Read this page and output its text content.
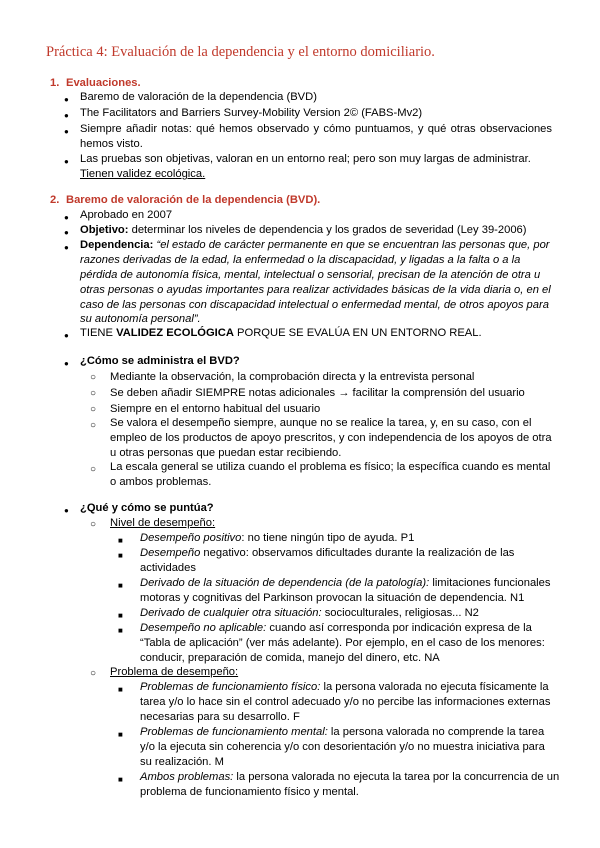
Práctica 4: Evaluación de la dependencia y el entorno domiciliario.
1. Evaluaciones.
● Baremo de valoración de la dependencia (BVD)
● The Facilitators and Barriers Survey-Mobility Version 2© (FABS-Mv2)
● Siempre añadir notas: qué hemos observado y cómo puntuamos, y qué otras observaciones
hemos visto.
● Las pruebas son objetivas, valoran en un entorno real; pero son muy largas de administrar.
Tienen validez ecológica.
2. Baremo de valoración de la dependencia (BVD).
● Aprobado en 2007
● Objetivo: determinar los niveles de dependencia y los grados de severidad (Ley 39-2006)
● Dependencia: “el estado de carácter permanente en que se encuentran las personas que, por
razones derivadas de la edad, la enfermedad o la discapacidad, y ligadas a la falta o a la
pérdida de autonomía física, mental, intelectual o sensorial, precisan de la atención de otra u
otras personas o ayudas importantes para realizar actividades básicas de la vida diaria o, en el
caso de las personas con discapacidad intelectual o enfermedad mental, de otros apoyos para
su autonomía personal”.
● TIENE VALIDEZ ECOLÓGICA PORQUE SE EVALÚA EN UN ENTORNO REAL.
● ¿Cómo se administra el BVD?
○ Mediante la observación, la comprobación directa y la entrevista personal
○ Se deben añadir SIEMPRE notas adicionales → facilitar la comprensión del usuario
○ Siempre en el entorno habitual del usuario
○ Se valora el desempeño siempre, aunque no se realice la tarea, y, en su caso, con el
empleo de los productos de apoyo prescritos, y con independencia de los apoyos de otra
u otras personas que puedan estar recibiendo.
○ La escala general se utiliza cuando el problema es físico; la específica cuando es mental
o ambos problemas.
● ¿Qué y cómo se puntúa?
○ Nivel de desempeño:
■ Desempeño positivo: no tiene ningún tipo de ayuda. P1
■ Desempeño negativo: observamos dificultades durante la realización de las
actividades
■ Derivado de la situación de dependencia (de la patología): limitaciones funcionales
motoras y cognitivas del Parkinson provocan la situación de dependencia. N1
■ Derivado de cualquier otra situación: socioculturales, religiosas... N2
■ Desempeño no aplicable: cuando así corresponda por indicación expresa de la
“Tabla de aplicación” (ver más adelante). Por ejemplo, en el caso de los menores:
conducir, preparación de comida, manejo del dinero, etc. NA
○ Problema de desempeño:
■ Problemas de funcionamiento físico: la persona valorada no ejecuta físicamente la
tarea y/o lo hace sin el control adecuado y/o no percibe las informaciones externas
necesarias para su desarrollo. F
■ Problemas de funcionamiento mental: la persona valorada no comprende la tarea
y/o la ejecuta sin coherencia y/o con desorientación y/o no muestra iniciativa para
su realización. M
■ Ambos problemas: la persona valorada no ejecuta la tarea por la concurrencia de un
problema de funcionamiento físico y mental.
